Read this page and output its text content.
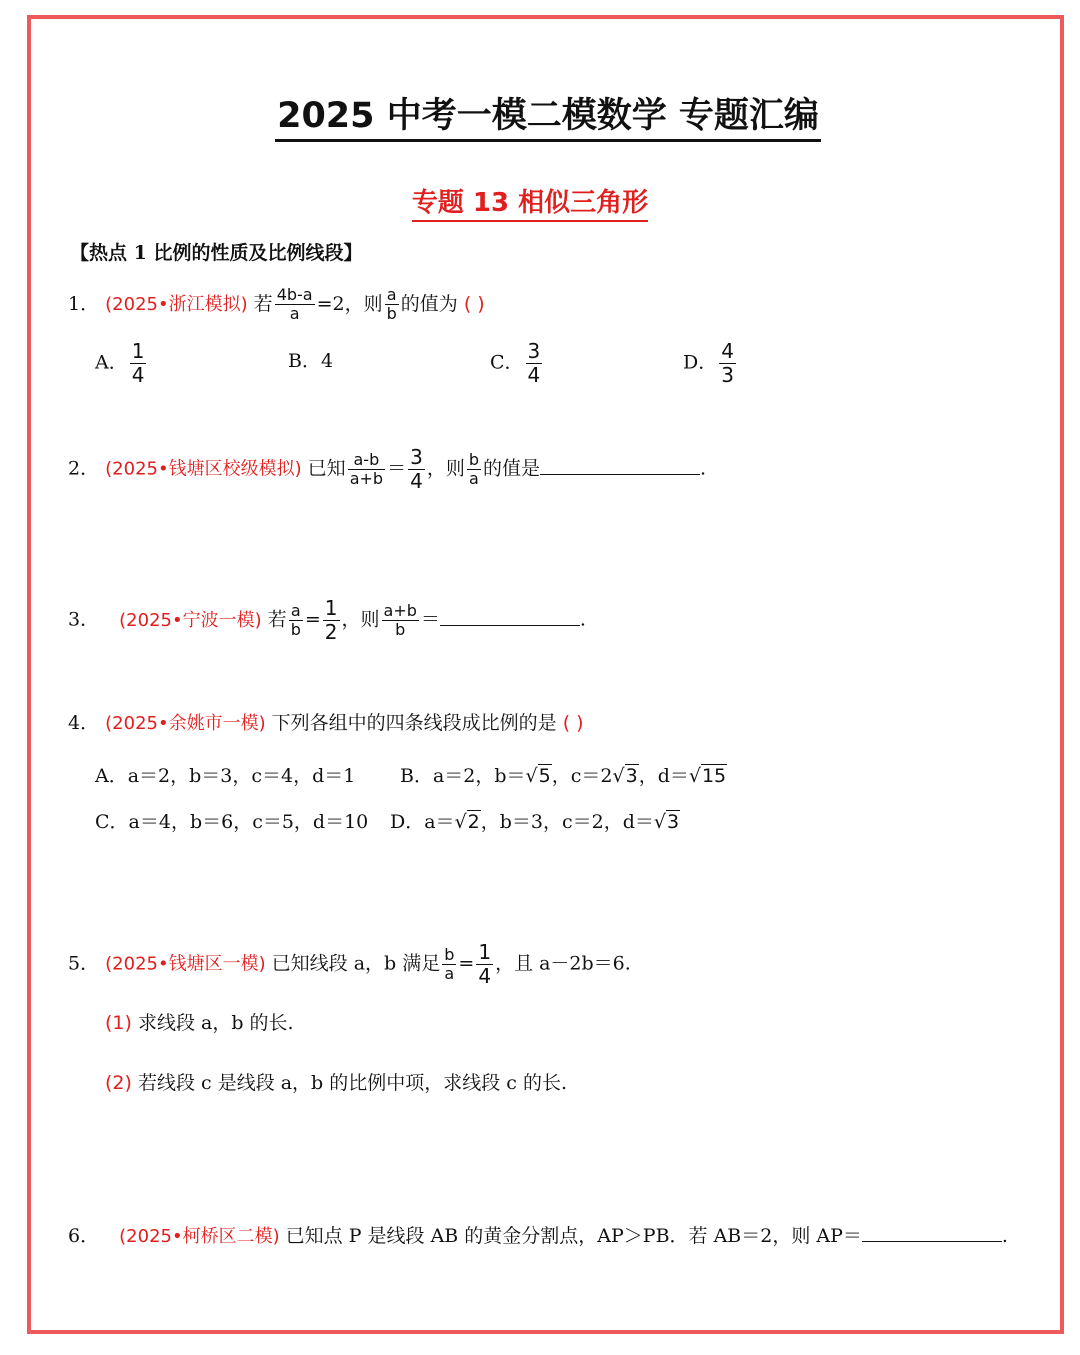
2025 中考一模二模数学 专题汇编
专题 13 相似三角形
【热点 1 比例的性质及比例线段】
1． (2025•浙江模拟) 若 $\frac{4b-a}{a} =2$，则 $\frac{a}{b}$ 的值为 ( )
A． $\frac{1}{4}$	B．4	C． $\frac{3}{4}$	D． $\frac{4}{3}$
2． (2025•钱塘区校级模拟) 已知 $\frac{a-b}{a+b} = \frac{3}{4}$ ，则 $\frac{b}{a}$ 的值是	.
3． (2025•宁波一模) 若 $\frac{a}{b} = \frac{1}{2}$ ，则 $\frac{a+b}{b}$ ＝	.
4． (2025•余姚市一模) 下列各组中的四条线段成比例的是 ( )
A．a＝2，b＝3，c＝4，d＝1 B．a＝2，b＝√5，c＝2√3，d＝√15
C．a＝4，b＝6，c＝5，d＝10 D．a＝√2，b＝3，c＝2，d＝√3
5． (2025•钱塘区一模) 已知线段 a，b 满足 $\frac{b}{a} = \frac{1}{4}$ ，且 a－2b＝6.
(1) 求线段 a，b 的长.
(2) 若线段 c 是线段 a，b 的比例中项，求线段 c 的长.
6． (2025•柯桥区二模) 已知点 P 是线段 AB 的黄金分割点，AP＞PB．若 AB＝2，则 AP＝	.
